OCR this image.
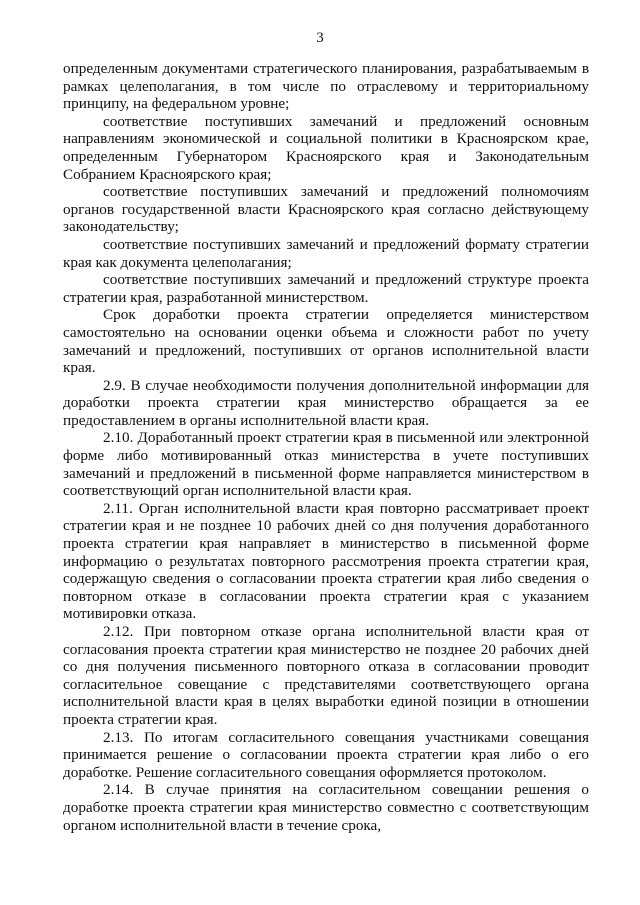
3

определенным документами стратегического планирования, разрабатываемым в рамках целеполагания, в том числе по отраслевому и территориальному принципу, на федеральном уровне;

соответствие поступивших замечаний и предложений основным направлениям экономической и социальной политики в Красноярском крае, определенным Губернатором Красноярского края и Законодательным Собранием Красноярского края;

соответствие поступивших замечаний и предложений полномочиям органов государственной власти Красноярского края согласно действующему законодательству;

соответствие поступивших замечаний и предложений формату стратегии края как документа целеполагания;

соответствие поступивших замечаний и предложений структуре проекта стратегии края, разработанной министерством.

Срок доработки проекта стратегии определяется министерством самостоятельно на основании оценки объема и сложности работ по учету замечаний и предложений, поступивших от органов исполнительной власти края.

2.9. В случае необходимости получения дополнительной информации для доработки проекта стратегии края министерство обращается за ее предоставлением в органы исполнительной власти края.

2.10. Доработанный проект стратегии края в письменной или электронной форме либо мотивированный отказ министерства в учете поступивших замечаний и предложений в письменной форме направляется министерством в соответствующий орган исполнительной власти края.

2.11. Орган исполнительной власти края повторно рассматривает проект стратегии края и не позднее 10 рабочих дней со дня получения доработанного проекта стратегии края направляет в министерство в письменной форме информацию о результатах повторного рассмотрения проекта стратегии края, содержащую сведения о согласовании проекта стратегии края либо сведения о повторном отказе в согласовании проекта стратегии края с указанием мотивировки отказа.

2.12. При повторном отказе органа исполнительной власти края от согласования проекта стратегии края министерство не позднее 20 рабочих дней со дня получения письменного повторного отказа в согласовании проводит согласительное совещание с представителями соответствующего органа исполнительной власти края в целях выработки единой позиции в отношении проекта стратегии края.

2.13. По итогам согласительного совещания участниками совещания принимается решение о согласовании проекта стратегии края либо о его доработке. Решение согласительного совещания оформляется протоколом.

2.14. В случае принятия на согласительном совещании решения о доработке проекта стратегии края министерство совместно с соответствующим органом исполнительной власти в течение срока,
